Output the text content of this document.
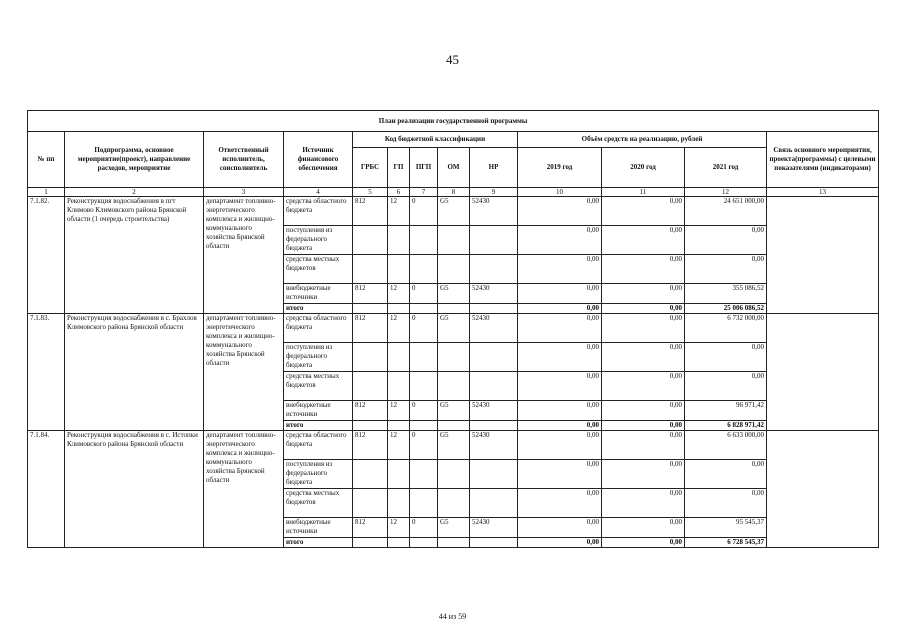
45
План реализации государственной программы												
№ пп	Подпрограмма, основное мероприятие(проект), направление расходов, мероприятие	Ответственный исполнитель, соисполнитель	Источник финансового обеспечения	Код бюджетной классификации					Объём средств на реализацию, рублей			Связь основного мероприятия, проекта(программы) с целевыми показателями (индикаторами)
				ГРБС	ГП	ПГП	ОМ	НР	2019 год	2020 год	2021 год	
1	2	3	4	5	6	7	8	9	10	11	12	13
7.1.82.	Реконструкция водоснабжения в пгт Климово Климовского района Брянской области (1 очередь строительства)	департамент топливно-энергетического комплекса и жилищно-коммунального хозяйства Брянской области	средства областного бюджета	812	12	0	G5	52430	0,00	0,00	24 651 000,00	
			поступления из федерального бюджета						0,00	0,00	0,00	
			средства местных бюджетов						0,00	0,00	0,00	
			внебюджетные источники	812	12	0	G5	52430	0,00	0,00	355 086,52	
			итого						0,00	0,00	25 006 086,52	
7.1.83.	Реконструкция водоснабжения в с. Брахлов Климовского района Брянской области	департамент топливно-энергетического комплекса и жилищно-коммунального хозяйства Брянской области	средства областного бюджета	812	12	0	G5	52430	0,00	0,00	6 732 000,00	
			поступления из федерального бюджета						0,00	0,00	0,00	
			средства местных бюджетов						0,00	0,00	0,00	
			внебюджетные источники	812	12	0	G5	52430	0,00	0,00	96 971,42	
			итого						0,00	0,00	6 828 971,42	
7.1.84.	Реконструкция водоснабжения в с. Истопки Климовского района Брянской области	департамент топливно-энергетического комплекса и жилищно-коммунального хозяйства Брянской области	средства областного бюджета	812	12	0	G5	52430	0,00	0,00	6 633 000,00	
			поступления из федерального бюджета						0,00	0,00	0,00	
			средства местных бюджетов						0,00	0,00	0,00	
			внебюджетные источники	812	12	0	G5	52430	0,00	0,00	95 545,37	
			итого						0,00	0,00	6 728 545,37	
44 из 59
